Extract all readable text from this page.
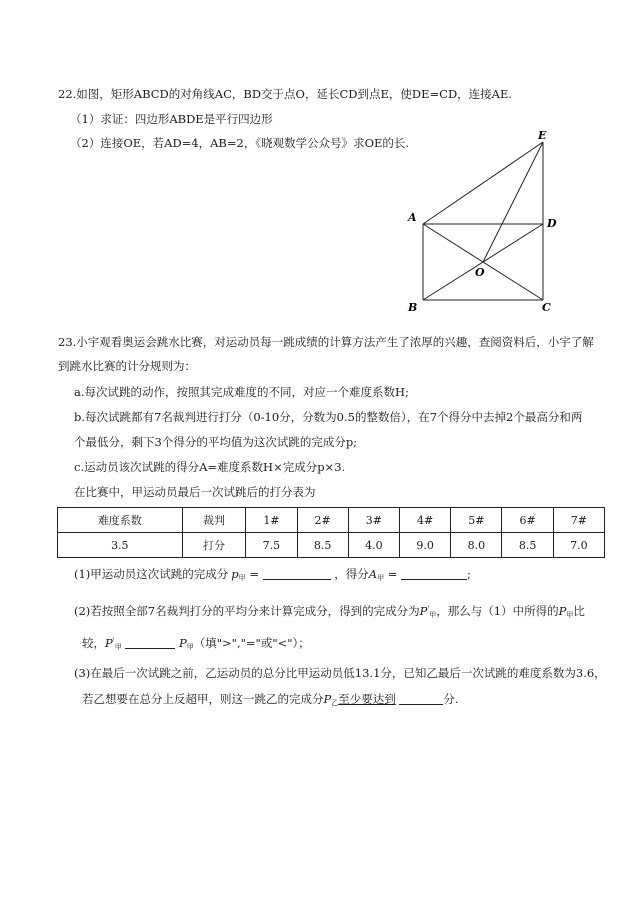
22.如图，矩形ABCD的对角线AC，BD交于点O，延长CD到点E，使DE=CD，连接AE.
（1）求证：四边形ABDE是平行四边形
（2）连接OE，若AD=4，AB=2，《晓观数学公众号》求OE的长.
E
A	D
O
B	C
23.小宇观看奥运会跳水比赛，对运动员每一跳成绩的计算方法产生了浓厚的兴趣，查阅资料后，小宇了解
到跳水比赛的计分规则为：
a.每次试跳的动作，按照其完成难度的不同，对应一个难度系数H;
b.每次试跳都有7名裁判进行打分（0-10分，分数为0.5的整数倍），在7个得分中去掉2个最高分和两
个最低分，剩下3个得分的平均值为这次试跳的完成分p;
c.运动员该次试跳的得分A=难度系数H×完成分p×3.
在比赛中，甲运动员最后一次试跳后的打分表为
难度系数	裁判	1#	2#	3#	4#	5#	6#	7#
3.5	打分	7.5	8.5	4.0	9.0	8.0	8.5	7.0
(1)甲运动员这次试跳的完成分 $p_甲$ =	，得分$A_甲$ =	;
(2)若按照全部7名裁判打分的平均分来计算完成分，得到的完成分为$P'_甲$，那么与（1）中所得的$P_甲$比
较，$P'_甲$	$P_甲$（填">","="或"<"）；
(3)在最后一次试跳之前，乙运动员的总分比甲运动员低13.1分，已知乙最后一次试跳的难度系数为3.6，
若乙想要在总分上反超甲，则这一跳乙的完成分$P_乙$至少要达到	分.
